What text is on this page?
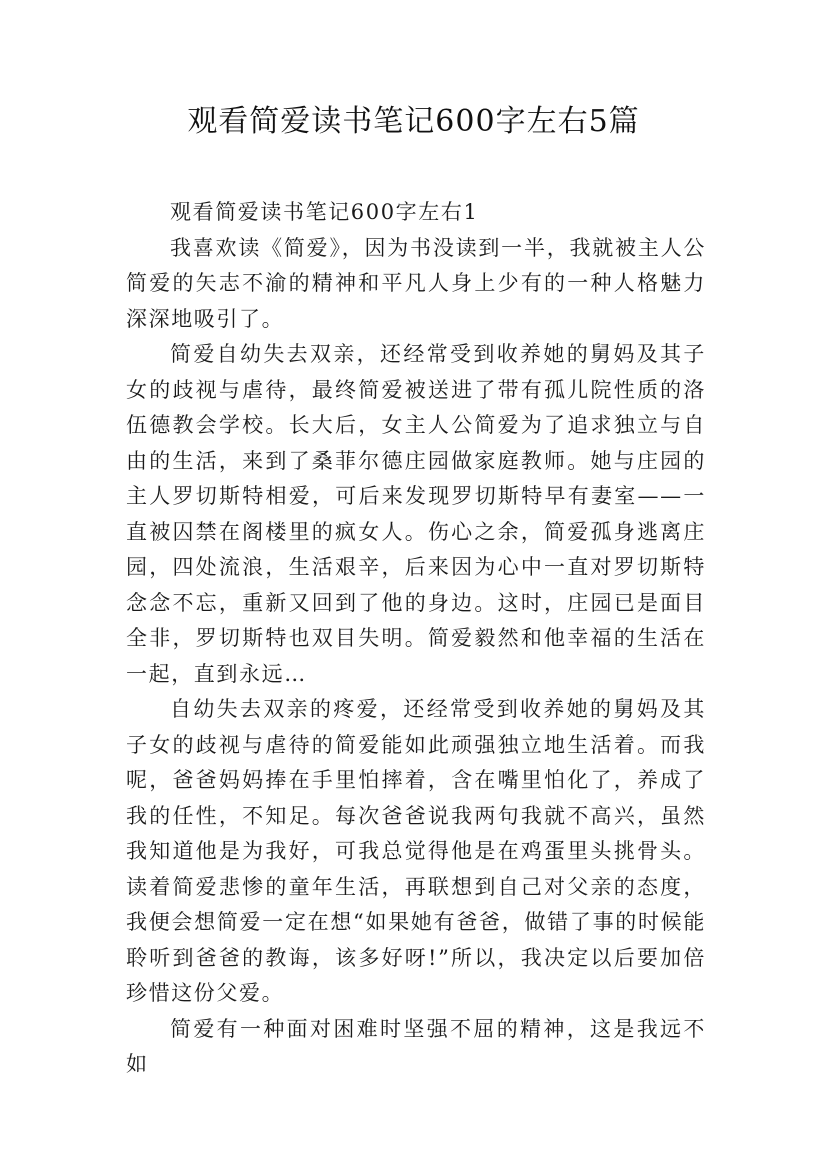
观看简爱读书笔记600字左右5篇

观看简爱读书笔记600字左右1

我喜欢读《简爱》，因为书没读到一半，我就被主人公简爱的矢志不渝的精神和平凡人身上少有的一种人格魅力深深地吸引了。

简爱自幼失去双亲，还经常受到收养她的舅妈及其子女的歧视与虐待，最终简爱被送进了带有孤儿院性质的洛伍德教会学校。长大后，女主人公简爱为了追求独立与自由的生活，来到了桑菲尔德庄园做家庭教师。她与庄园的主人罗切斯特相爱，可后来发现罗切斯特早有妻室——一直被囚禁在阁楼里的疯女人。伤心之余，简爱孤身逃离庄园，四处流浪，生活艰辛，后来因为心中一直对罗切斯特念念不忘，重新又回到了他的身边。这时，庄园已是面目全非，罗切斯特也双目失明。简爱毅然和他幸福的生活在一起，直到永远…

自幼失去双亲的疼爱，还经常受到收养她的舅妈及其子女的歧视与虐待的简爱能如此顽强独立地生活着。而我呢，爸爸妈妈捧在手里怕摔着，含在嘴里怕化了，养成了我的任性，不知足。每次爸爸说我两句我就不高兴，虽然我知道他是为我好，可我总觉得他是在鸡蛋里头挑骨头。读着简爱悲惨的童年生活，再联想到自己对父亲的态度，我便会想简爱一定在想“如果她有爸爸，做错了事的时候能聆听到爸爸的教诲，该多好呀!”所以，我决定以后要加倍珍惜这份父爱。

简爱有一种面对困难时坚强不屈的精神，这是我远不如
